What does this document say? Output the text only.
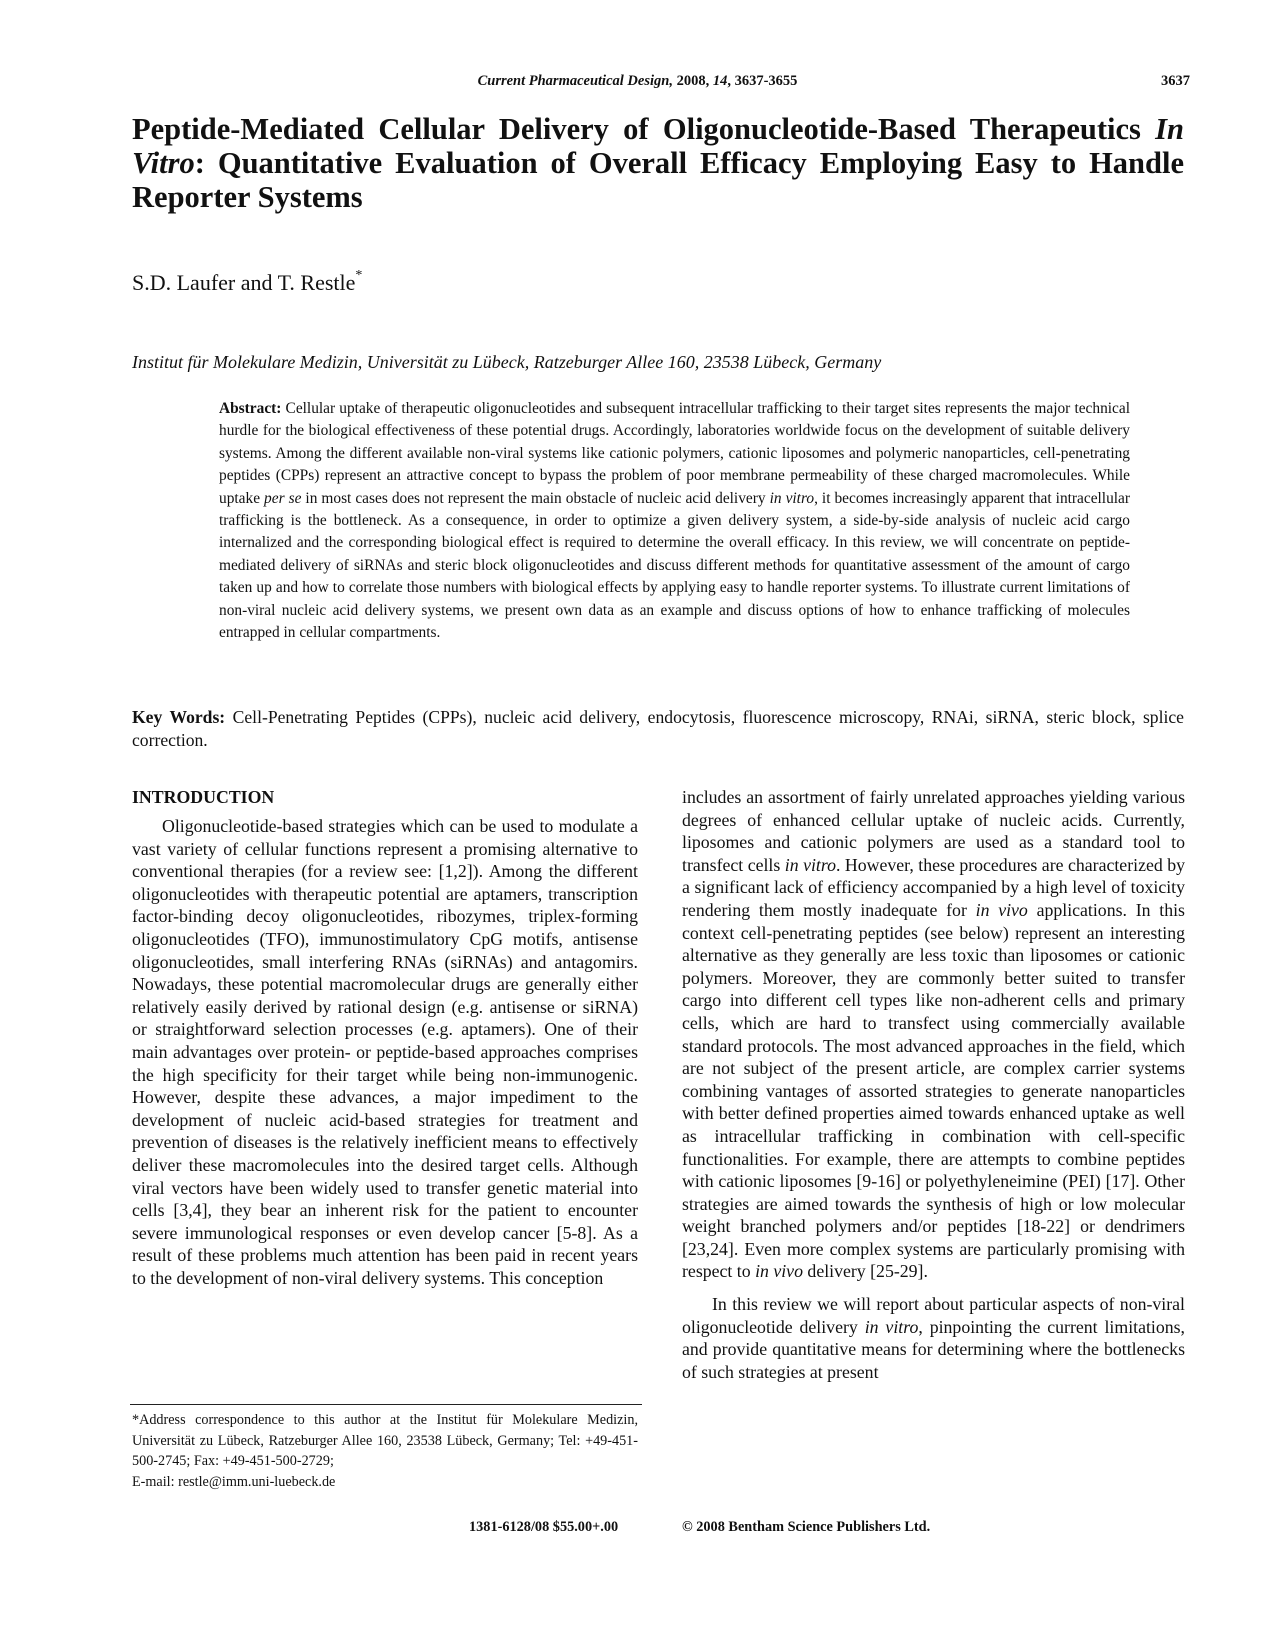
Current Pharmaceutical Design, 2008, 14, 3637-3655	3637
Peptide-Mediated Cellular Delivery of Oligonucleotide-Based Therapeutics In Vitro: Quantitative Evaluation of Overall Efficacy Employing Easy to Handle Reporter Systems
S.D. Laufer and T. Restle*
Institut für Molekulare Medizin, Universität zu Lübeck, Ratzeburger Allee 160, 23538 Lübeck, Germany
Abstract: Cellular uptake of therapeutic oligonucleotides and subsequent intracellular trafficking to their target sites represents the major technical hurdle for the biological effectiveness of these potential drugs. Accordingly, laboratories worldwide focus on the development of suitable delivery systems. Among the different available non-viral systems like cationic polymers, cationic liposomes and polymeric nanoparticles, cell-penetrating peptides (CPPs) represent an attractive concept to bypass the problem of poor membrane permeability of these charged macromolecules. While uptake per se in most cases does not represent the main obstacle of nucleic acid delivery in vitro, it becomes increasingly apparent that intracellular trafficking is the bottleneck. As a consequence, in order to optimize a given delivery system, a side-by-side analysis of nucleic acid cargo internalized and the corresponding biological effect is required to determine the overall efficacy. In this review, we will concentrate on peptide-mediated delivery of siRNAs and steric block oligonucleotides and discuss different methods for quantitative assessment of the amount of cargo taken up and how to correlate those numbers with biological effects by applying easy to handle reporter systems. To illustrate current limitations of non-viral nucleic acid delivery systems, we present own data as an example and discuss options of how to enhance trafficking of molecules entrapped in cellular compartments.
Key Words: Cell-Penetrating Peptides (CPPs), nucleic acid delivery, endocytosis, fluorescence microscopy, RNAi, siRNA, steric block, splice correction.
INTRODUCTION

Oligonucleotide-based strategies which can be used to modulate a vast variety of cellular functions represent a promising alternative to conventional therapies (for a review see: [1,2]). Among the different oligonucleotides with therapeutic potential are aptamers, transcription factor-binding decoy oligonucleotides, ribozymes, triplex-forming oligonucleotides (TFO), immunostimulatory CpG motifs, antisense oligonucleotides, small interfering RNAs (siRNAs) and antagomirs. Nowadays, these potential macromolecular drugs are generally either relatively easily derived by rational design (e.g. antisense or siRNA) or straightforward selection processes (e.g. aptamers). One of their main advantages over protein- or peptide-based approaches comprises the high specificity for their target while being non-immunogenic. However, despite these advances, a major impediment to the development of nucleic acid-based strategies for treatment and prevention of diseases is the relatively inefficient means to effectively deliver these macromolecules into the desired target cells. Although viral vectors have been widely used to transfer genetic material into cells [3,4], they bear an inherent risk for the patient to encounter severe immunological responses or even develop cancer [5-8]. As a result of these problems much attention has been paid in recent years to the development of non-viral delivery systems. This conception

includes an assortment of fairly unrelated approaches yielding various degrees of enhanced cellular uptake of nucleic acids. Currently, liposomes and cationic polymers are used as a standard tool to transfect cells in vitro. However, these procedures are characterized by a significant lack of efficiency accompanied by a high level of toxicity rendering them mostly inadequate for in vivo applications. In this context cell-penetrating peptides (see below) represent an interesting alternative as they generally are less toxic than liposomes or cationic polymers. Moreover, they are commonly better suited to transfer cargo into different cell types like non-adherent cells and primary cells, which are hard to transfect using commercially available standard protocols. The most advanced approaches in the field, which are not subject of the present article, are complex carrier systems combining vantages of assorted strategies to generate nanoparticles with better defined properties aimed towards enhanced uptake as well as intracellular trafficking in combination with cell-specific functionalities. For example, there are attempts to combine peptides with cationic liposomes [9-16] or polyethyleneimine (PEI) [17]. Other strategies are aimed towards the synthesis of high or low molecular weight branched polymers and/or peptides [18-22] or dendrimers [23,24]. Even more complex systems are particularly promising with respect to in vivo delivery [25-29].

In this review we will report about particular aspects of non-viral oligonucleotide delivery in vitro, pinpointing the current limitations, and provide quantitative means for determining where the bottlenecks of such strategies at present

*Address correspondence to this author at the Institut für Molekulare Medizin, Universität zu Lübeck, Ratzeburger Allee 160, 23538 Lübeck, Germany; Tel: +49-451-500-2745; Fax: +49-451-500-2729;
E-mail: restle@imm.uni-luebeck.de
1381-6128/08 $55.00+.00	© 2008 Bentham Science Publishers Ltd.
